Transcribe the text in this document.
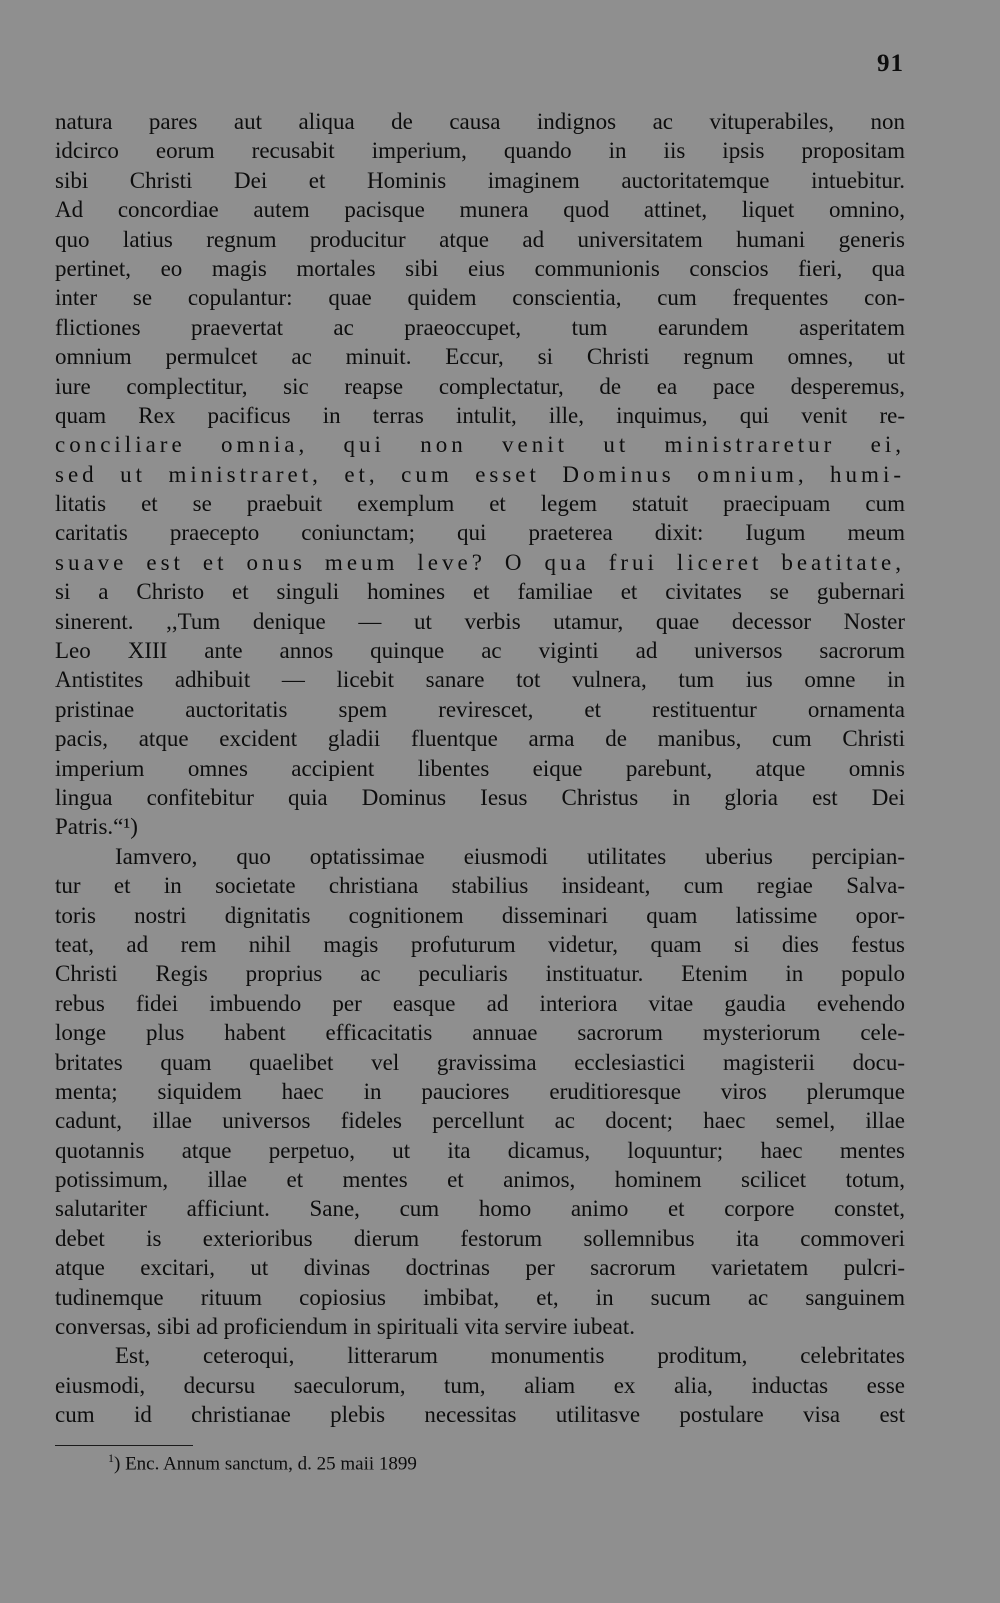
91
natura pares aut aliqua de causa indignos ac vituperabiles, non
idcirco eorum recusabit imperium, quando in iis ipsis propositam
sibi Christi Dei et Hominis imaginem auctoritatemque intuebitur.
Ad concordiae autem pacisque munera quod attinet, liquet omnino,
quo latius regnum producitur atque ad universitatem humani generis
pertinet, eo magis mortales sibi eius communionis conscios fieri, qua
inter se copulantur: quae quidem conscientia, cum frequentes con-
flictiones praevertat ac praeoccupet, tum earundem asperitatem
omnium permulcet ac minuit. Eccur, si Christi regnum omnes, ut
iure complectitur, sic reapse complectatur, de ea pace desperemus,
quam Rex pacificus in terras intulit, ille, inquimus, qui venit re-
conciliare omnia, qui non venit ut ministraretur ei,
sed ut ministraret, et, cum esset Dominus omnium, humi-
litatis et se praebuit exemplum et legem statuit praecipuam cum
caritatis praecepto coniunctam; qui praeterea dixit: Iugum meum
suave est et onus meum leve? O qua frui liceret beatitate,
si a Christo et singuli homines et familiae et civitates se gubernari
sinerent. ,,Tum denique — ut verbis utamur, quae decessor Noster
Leo XIII ante annos quinque ac viginti ad universos sacrorum
Antistites adhibuit — licebit sanare tot vulnera, tum ius omne in
pristinae auctoritatis spem revirescet, et restituentur ornamenta
pacis, atque excident gladii fluentque arma de manibus, cum Christi
imperium omnes accipient libentes eique parebunt, atque omnis
lingua confitebitur quia Dominus Iesus Christus in gloria est Dei
Patris.“¹)
Iamvero, quo optatissimae eiusmodi utilitates uberius percipian-
tur et in societate christiana stabilius insideant, cum regiae Salva-
toris nostri dignitatis cognitionem disseminari quam latissime opor-
teat, ad rem nihil magis profuturum videtur, quam si dies festus
Christi Regis proprius ac peculiaris instituatur. Etenim in populo
rebus fidei imbuendo per easque ad interiora vitae gaudia evehendo
longe plus habent efficacitatis annuae sacrorum mysteriorum cele-
britates quam quaelibet vel gravissima ecclesiastici magisterii docu-
menta; siquidem haec in pauciores eruditioresque viros plerumque
cadunt, illae universos fideles percellunt ac docent; haec semel, illae
quotannis atque perpetuo, ut ita dicamus, loquuntur; haec mentes
potissimum, illae et mentes et animos, hominem scilicet totum,
salutariter afficiunt. Sane, cum homo animo et corpore constet,
debet is exterioribus dierum festorum sollemnibus ita commoveri
atque excitari, ut divinas doctrinas per sacrorum varietatem pulcri-
tudinemque rituum copiosius imbibat, et, in sucum ac sanguinem
conversas, sibi ad proficiendum in spirituali vita servire iubeat.
Est, ceteroqui, litterarum monumentis proditum, celebritates
eiusmodi, decursu saeculorum, tum, aliam ex alia, inductas esse
cum id christianae plebis necessitas utilitasve postulare visa est
$^1$) Enc. Annum sanctum, d. 25 maii 1899
